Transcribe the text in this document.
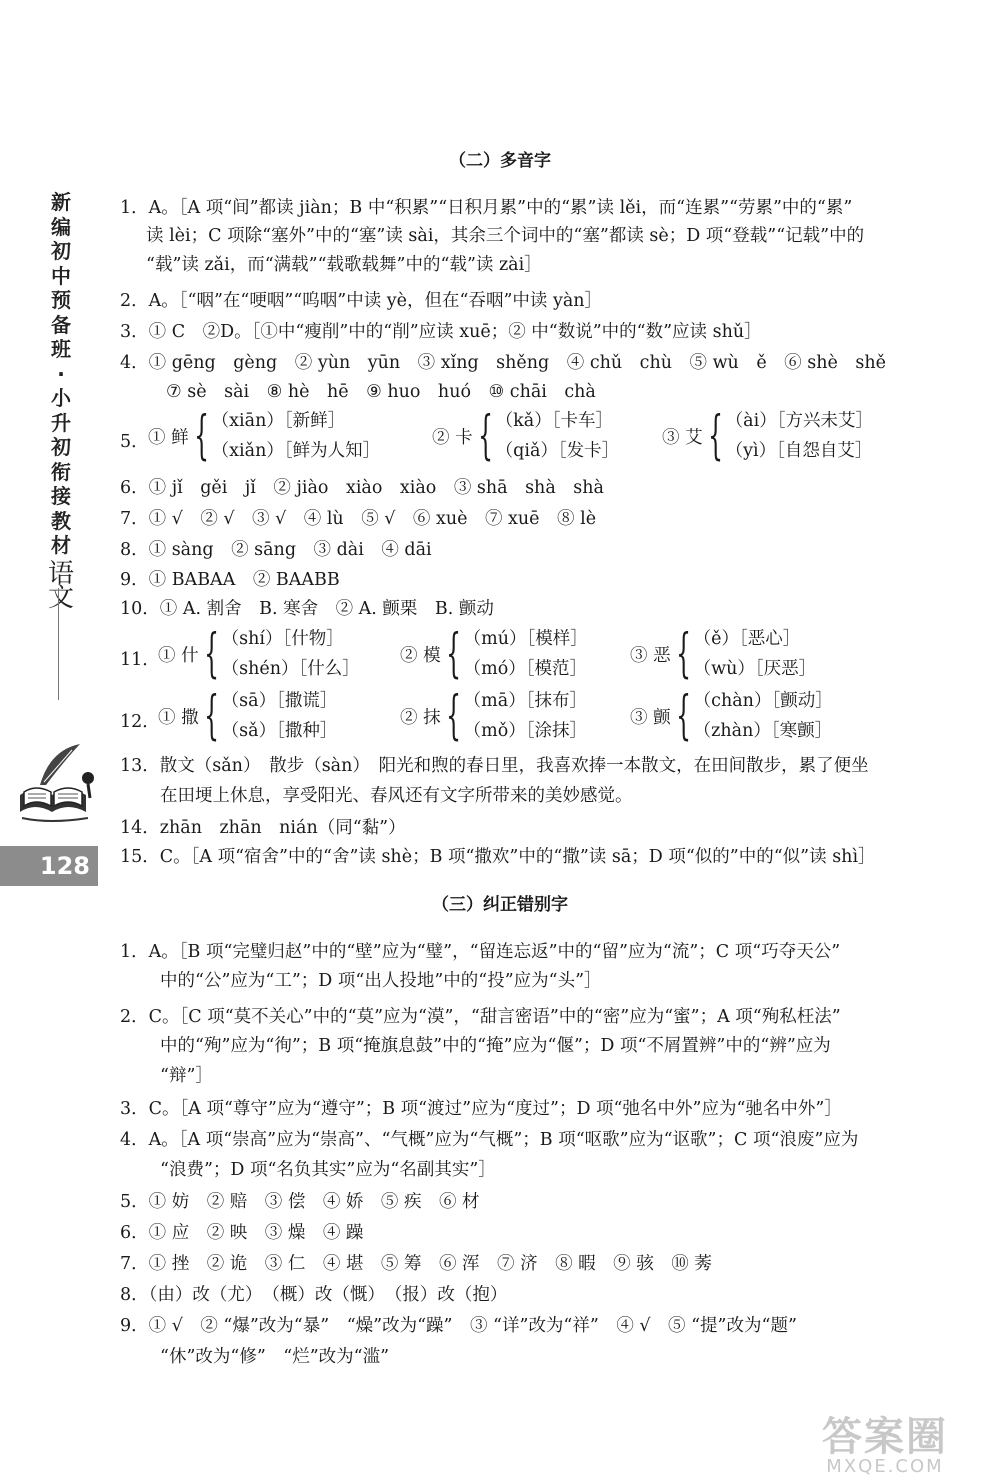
新
编
初
中
预
备
班
·
小
升
初
衔
接
教
材
语文
128
（二）多音字
1．A。［A 项“间”都读 jiàn；B 中“积累”“日积月累”中的“累”读 lěi，而“连累”“劳累”中的“累”
读 lèi；C 项除“塞外”中的“塞”读 sài，其余三个词中的“塞”都读 sè；D 项“登载”“记载”中的
“载”读 zǎi，而“满载”“载歌载舞”中的“载”读 zài］
2．A。［“咽”在“哽咽”“呜咽”中读 yè，但在“吞咽”中读 yàn］
3．① C　②D。［①中“瘦削”中的“削”应读 xuē；② 中“数说”中的“数”应读 shǔ］
4．① gēng　gèng　② yùn　yūn　③ xǐng　shěng　④ chǔ　chù　⑤ wù　ě　⑥ shè　shě
⑦ sè　sài　⑧ hè　hē　⑨ huo　huó　⑩ chāi　chà
5． ① 鲜 { （xiān）［新鲜］
（xiǎn）［鲜为人知］
② 卡 { （kǎ）［卡车］
（qiǎ）［发卡］
③ 艾 { （ài）［方兴未艾］
（yì）［自怨自艾］
6．① jǐ　gěi　jǐ　② jiào　xiào　xiào　③ shā　shà　shà
7．① √　② √　③ √　④ lù　⑤ √　⑥ xuè　⑦ xuē　⑧ lè
8．① sàng　② sāng　③ dài　④ dāi
9．① BABAA　② BAABB
10．① A. 割舍　B. 寒舍　② A. 颤栗　B. 颤动
11．
① 什 { （shí）［什物］
（shén）［什么］
② 模 { （mú）［模样］
（mó）［模范］
③ 恶 { （ě）［恶心］
（wù）［厌恶］
12．
① 撒 { （sā）［撒谎］
（sǎ）［撒种］
② 抹 { （mā）［抹布］
（mǒ）［涂抹］
③ 颤 { （chàn）［颤动］
（zhàn）［寒颤］
13．散文（sǎn）　散步（sàn）　阳光和煦的春日里，我喜欢捧一本散文，在田间散步，累了便坐
在田埂上休息，享受阳光、春风还有文字所带来的美妙感觉。
14．zhān　zhān　nián（同“黏”）
15．C。［A 项“宿舍”中的“舍”读 shè；B 项“撒欢”中的“撒”读 sā；D 项“似的”中的“似”读 shì］
（三）纠正错别字
1．A。［B 项“完璧归赵”中的“壁”应为“璧”，“留连忘返”中的“留”应为“流”；C 项“巧夺天公”
中的“公”应为“工”；D 项“出人投地”中的“投”应为“头”］
2．C。［C 项“莫不关心”中的“莫”应为“漠”，“甜言密语”中的“密”应为“蜜”；A 项“殉私枉法”
中的“殉”应为“徇”；B 项“掩旗息鼓”中的“掩”应为“偃”；D 项“不屑置辨”中的“辨”应为
“辩”］
3．C。［A 项“尊守”应为“遵守”；B 项“渡过”应为“度过”；D 项“弛名中外”应为“驰名中外”］
4．A。［A 项“崇高”应为“崇高”、“气概”应为“气概”；B 项“呕歌”应为“讴歌”；C 项“浪废”应为
“浪费”；D 项“名负其实”应为“名副其实”］
5．① 妨　② 赔　③ 偿　④ 娇　⑤ 疾　⑥ 材
6．① 应　② 映　③ 燥　④ 躁
7．① 挫　② 诡　③ 仁　④ 堪　⑤ 筹　⑥ 浑　⑦ 济　⑧ 暇　⑨ 骇　⑩ 莠
8．（由）改（尤）　（概）改（慨）　（报）改（抱）
9．① √　② “爆”改为“暴”　“燥”改为“躁”　③ “详”改为“祥”　④ √　⑤ “提”改为“题”
“休”改为“修”　“烂”改为“滥”
答案圈
MXQE.COM
